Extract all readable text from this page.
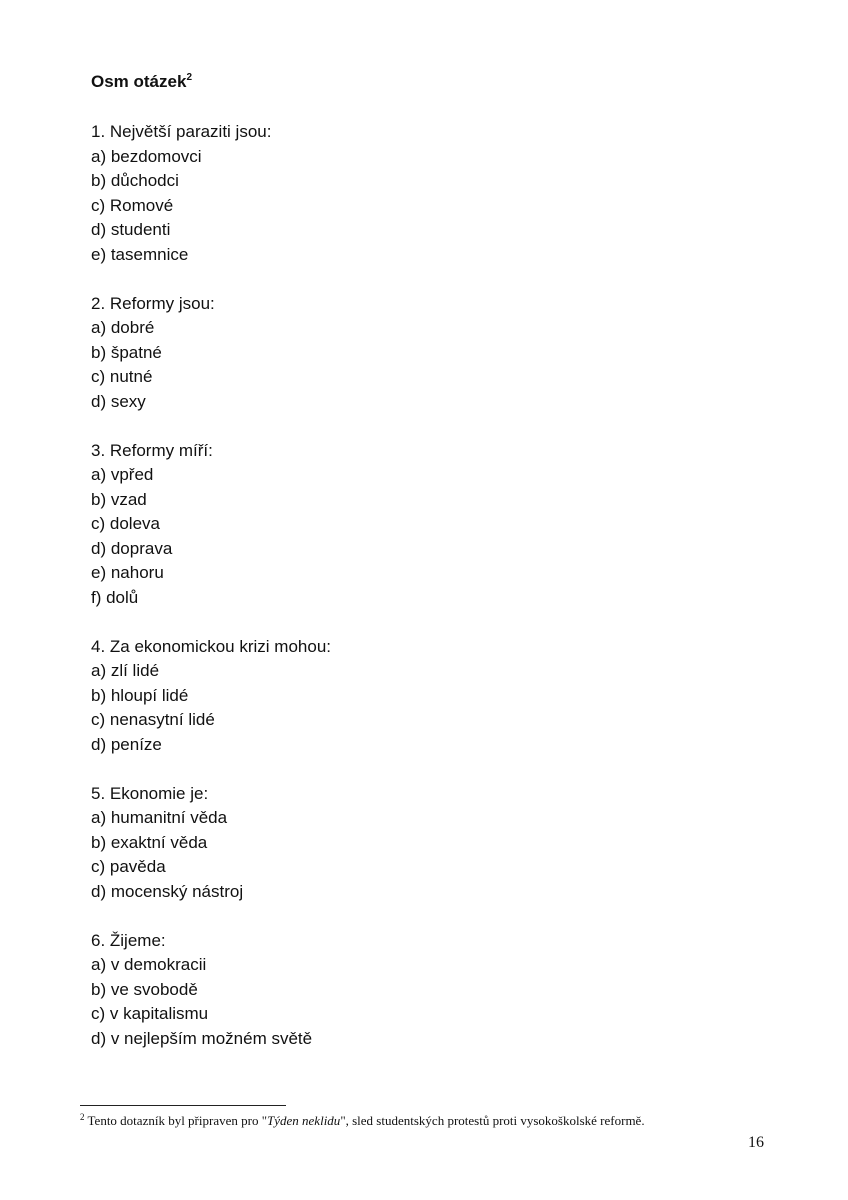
Osm otázek$^2$
1. Největší paraziti jsou:
a) bezdomovci
b) důchodci
c) Romové
d) studenti
e) tasemnice
2. Reformy jsou:
a) dobré
b) špatné
c) nutné
d) sexy
3. Reformy míří:
a) vpřed
b) vzad
c) doleva
d) doprava
e) nahoru
f) dolů
4. Za ekonomickou krizi mohou:
a) zlí lidé
b) hloupí lidé
c) nenasytní lidé
d) peníze
5. Ekonomie je:
a) humanitní věda
b) exaktní věda
c) pavěda
d) mocenský nástroj
6. Žijeme:
a) v demokracii
b) ve svobodě
c) v kapitalismu
d) v nejlepším možném světě
$^2$ Tento dotazník byl připraven pro "Týden neklidu", sled studentských protestů proti vysokoškolské reformě.
16
